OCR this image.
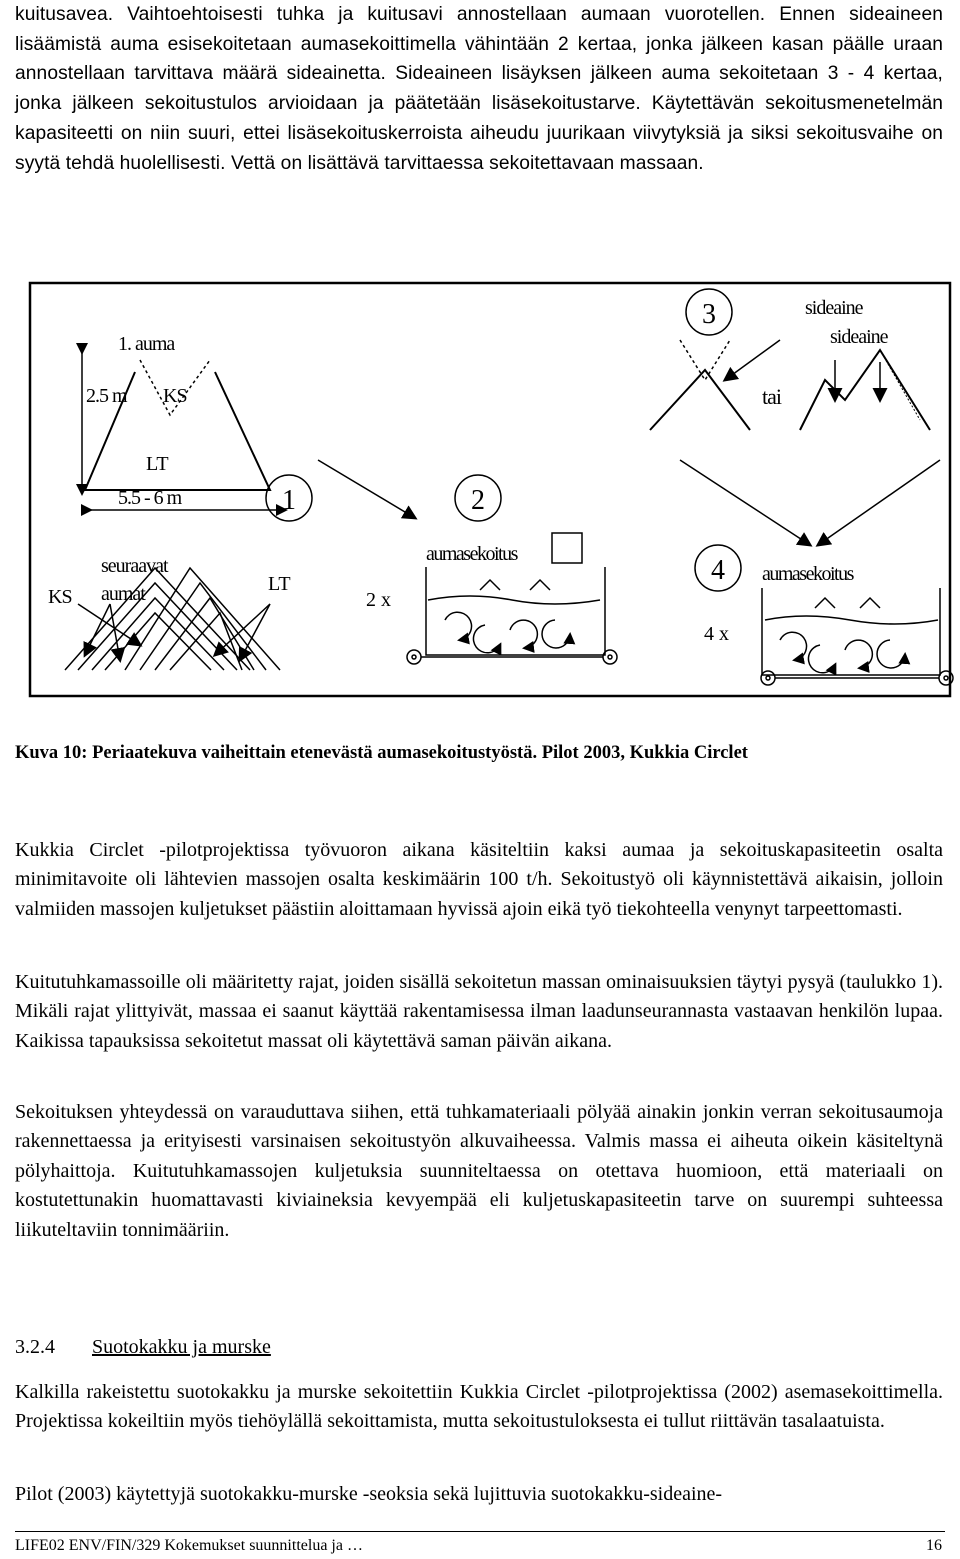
kuitusavea. Vaihtoehtoisesti tuhka ja kuitusavi annostellaan aumaan vuorotellen. Ennen sideaineen lisäämistä auma esisekoitetaan aumasekoittimella vähintään 2 kertaa, jonka jälkeen kasan päälle uraan annostellaan tarvittava määrä sideainetta. Sideaineen lisäyksen jälkeen auma sekoitetaan 3 - 4 kertaa, jonka jälkeen sekoitustulos arvioidaan ja päätetään lisäsekoitustarve. Käytettävän sekoitusmenetelmän kapasiteetti on niin suuri, ettei lisäsekoituskerroista aiheudu juurikaan viivytyksiä ja siksi sekoitusvaihe on syytä tehdä huolellisesti. Vettä on lisättävä tarvittaessa sekoitettavaan massaan.

1. auma
2.5 m KS
LT
5.5 - 6 m	1	2
3
4
seuraavat
aumat
KS
LT
2 x
4 x
aumasekoitus
sideaine
sideaine
tai
aumasekoitus

Kuva 10: Periaatekuva vaiheittain etenevästä aumasekoitustyöstä. Pilot 2003, Kukkia Circlet

Kukkia Circlet -pilotprojektissa työvuoron aikana käsiteltiin kaksi aumaa ja sekoituskapasiteetin osalta minimitavoite oli lähtevien massojen osalta keskimäärin 100 t/h. Sekoitustyö oli käynnistettävä aikaisin, jolloin valmiiden massojen kuljetukset päästiin aloittamaan hyvissä ajoin eikä työ tiekohteella venynyt tarpeettomasti.

Kuitutuhkamassoille oli määritetty rajat, joiden sisällä sekoitetun massan ominaisuuksien täytyi pysyä (taulukko 1). Mikäli rajat ylittyivät, massaa ei saanut käyttää rakentamisessa ilman laadunseurannasta vastaavan henkilön lupaa. Kaikissa tapauksissa sekoitetut massat oli käytettävä saman päivän aikana.

Sekoituksen yhteydessä on varauduttava siihen, että tuhkamateriaali pölyää ainakin jonkin verran sekoitusaumoja rakennettaessa ja erityisesti varsinaisen sekoitustyön alkuvaiheessa. Valmis massa ei aiheuta oikein käsiteltynä pölyhaittoja. Kuitutuhkamassojen kuljetuksia suunniteltaessa on otettava huomioon, että materiaali on kostutettunakin huomattavasti kiviaineksia kevyempää eli kuljetuskapasiteetin tarve on suurempi suhteessa liikuteltaviin tonnimääriin.

3.2.4 Suotokakku ja murske

Kalkilla rakeistettu suotokakku ja murske sekoitettiin Kukkia Circlet -pilotprojektissa (2002) asemasekoittimella. Projektissa kokeiltiin myös tiehöylällä sekoittamista, mutta sekoitustuloksesta ei tullut riittävän tasalaatuista.

Pilot (2003) käytettyjä suotokakku-murske -seoksia sekä lujittuvia suotokakku-sideaine-

LIFE02 ENV/FIN/329 Kokemukset suunnittelua ja …	16
